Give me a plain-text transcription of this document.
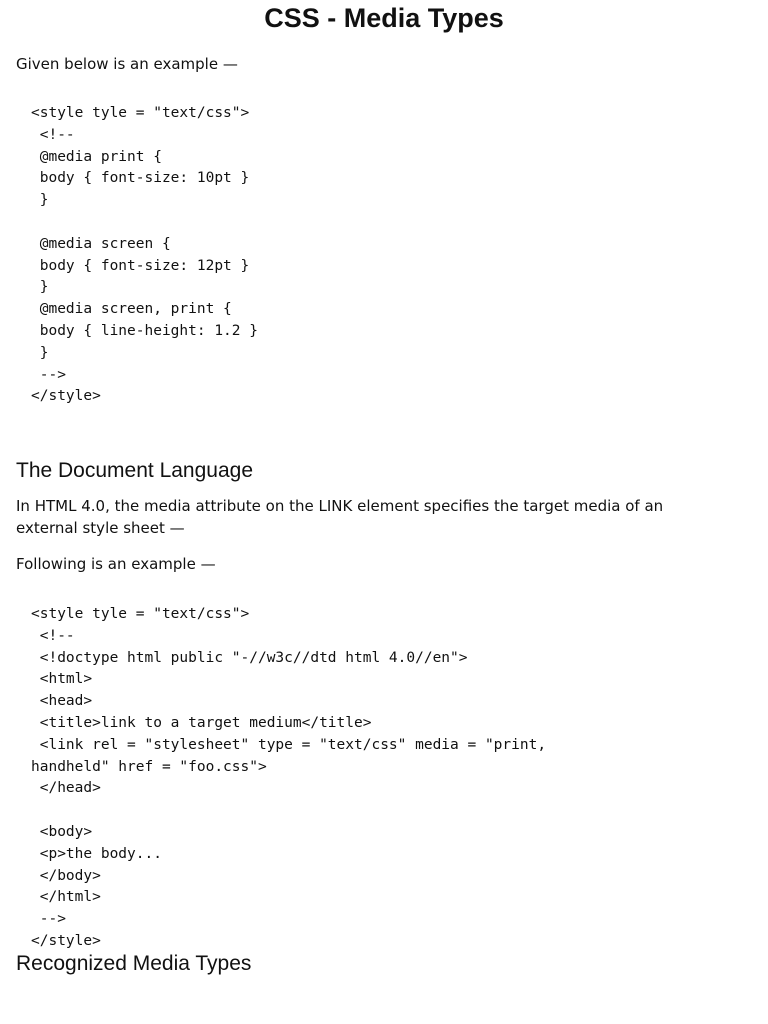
CSS - Media Types

Given below is an example —

<style tyle = "text/css">
<!--
@media print {
body { font-size: 10pt }
}

@media screen {
body { font-size: 12pt }
}
@media screen, print {
body { line-height: 1.2 }
}
-->
</style>
The Document Language

In HTML 4.0, the media attribute on the LINK element specifies the target media of an external style sheet —

Following is an example —

<style tyle = "text/css">
<!--
<!doctype html public "-//w3c//dtd html 4.0//en">
<html>
<head>
<title>link to a target medium</title>
<link rel = "stylesheet" type = "text/css" media = "print,
handheld" href = "foo.css">
</head>

<body>
<p>the body...
</body>
</html>
-->
</style>
Recognized Media Types
